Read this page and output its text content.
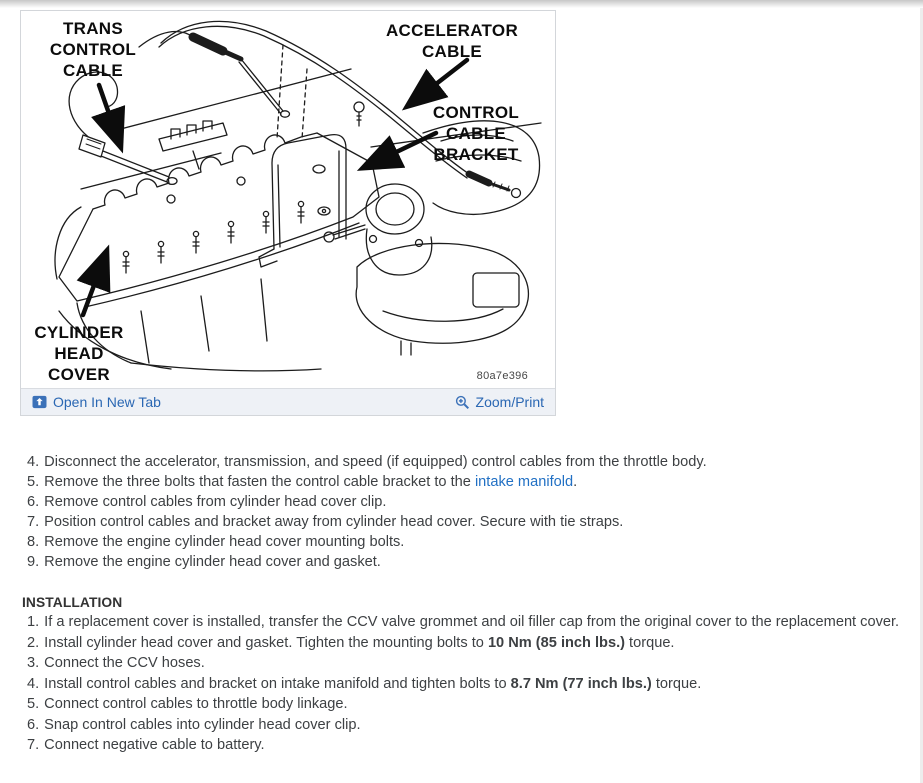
TRANS
CONTROL
CABLE
ACCELERATOR
CABLE
CONTROL
CABLE
BRACKET
CYLINDER
HEAD
COVER	80a7e396
Open In New Tab	Zoom/Print
4. Disconnect the accelerator, transmission, and speed (if equipped) control cables from the throttle body.
5. Remove the three bolts that fasten the control cable bracket to the intake manifold.
6. Remove control cables from cylinder head cover clip.
7. Position control cables and bracket away from cylinder head cover. Secure with tie straps.
8. Remove the engine cylinder head cover mounting bolts.
9. Remove the engine cylinder head cover and gasket.
INSTALLATION
1. If a replacement cover is installed, transfer the CCV valve grommet and oil filler cap from the original cover to the replacement cover.
2. Install cylinder head cover and gasket. Tighten the mounting bolts to 10 Nm (85 inch lbs.) torque.
3. Connect the CCV hoses.
4. Install control cables and bracket on intake manifold and tighten bolts to 8.7 Nm (77 inch lbs.) torque.
5. Connect control cables to throttle body linkage.
6. Snap control cables into cylinder head cover clip.
7. Connect negative cable to battery.
